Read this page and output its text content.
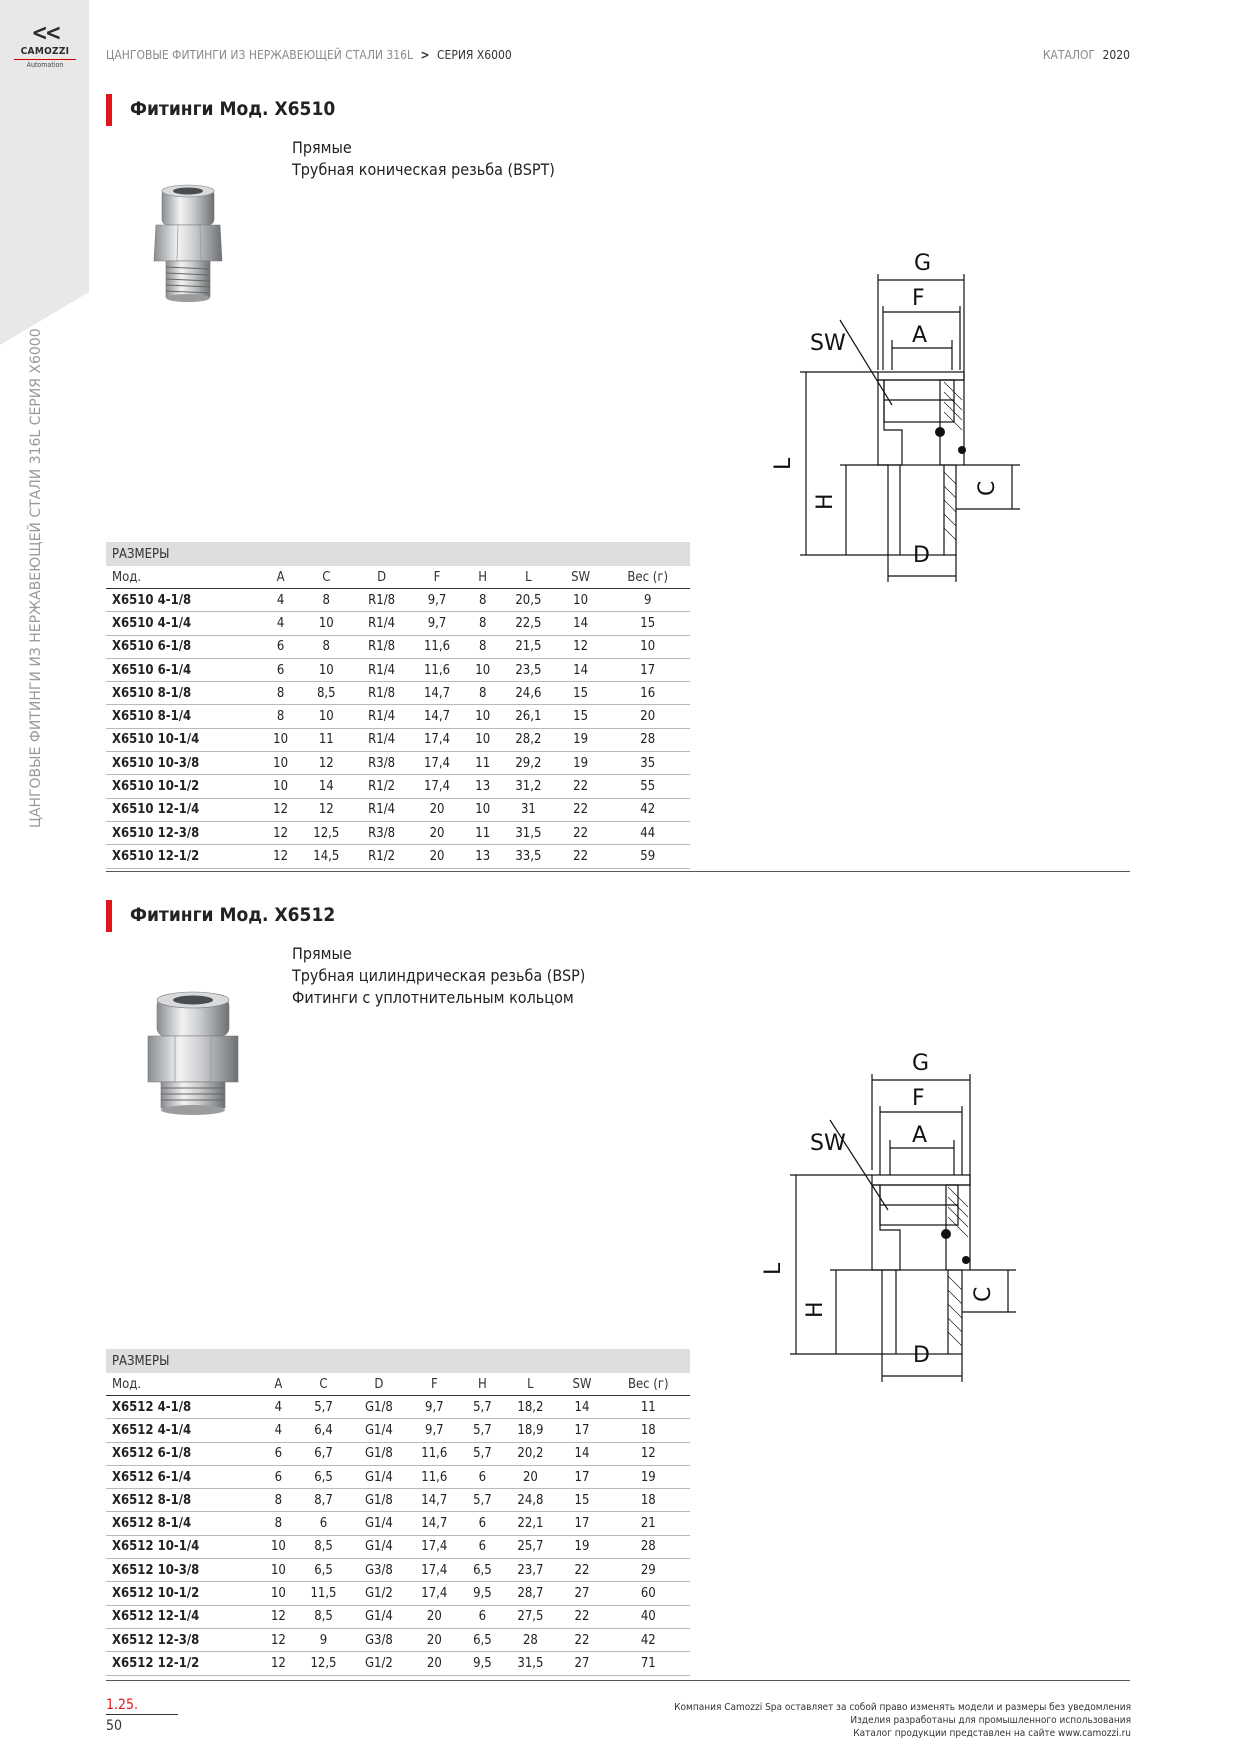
<<
CAMOZZI
Automation
ЦАНГОВЫЕ ФИТИНГИ ИЗ НЕРЖАВЕЮЩЕЙ СТАЛИ 316L СЕРИЯ X6000
ЦАНГОВЫЕ ФИТИНГИ ИЗ НЕРЖАВЕЮЩЕЙ СТАЛИ 316L > СЕРИЯ X6000	КАТАЛОГ 2020
Фитинги Мод. X6510
Прямые
Трубная коническая резьба (BSPT)
G
F
A
SW
L
H
C
D
РАЗМЕРЫ								
Мод.	A	C	D	F	H	L	SW	Вес (г)
X6510 4-1/8	4	8	R1/8	9,7	8	20,5	10	9
X6510 4-1/4	4	10	R1/4	9,7	8	22,5	14	15
X6510 6-1/8	6	8	R1/8	11,6	8	21,5	12	10
X6510 6-1/4	6	10	R1/4	11,6	10	23,5	14	17
X6510 8-1/8	8	8,5	R1/8	14,7	8	24,6	15	16
X6510 8-1/4	8	10	R1/4	14,7	10	26,1	15	20
X6510 10-1/4	10	11	R1/4	17,4	10	28,2	19	28
X6510 10-3/8	10	12	R3/8	17,4	11	29,2	19	35
X6510 10-1/2	10	14	R1/2	17,4	13	31,2	22	55
X6510 12-1/4	12	12	R1/4	20	10	31	22	42
X6510 12-3/8	12	12,5	R3/8	20	11	31,5	22	44
X6510 12-1/2	12	14,5	R1/2	20	13	33,5	22	59
Фитинги Мод. X6512
Прямые
Трубная цилиндрическая резьба (BSP)
Фитинги с уплотнительным кольцом
G
F
A
SW
L
H
C
D
РАЗМЕРЫ								
Мод.	A	C	D	F	H	L	SW	Вес (г)
X6512 4-1/8	4	5,7	G1/8	9,7	5,7	18,2	14	11
X6512 4-1/4	4	6,4	G1/4	9,7	5,7	18,9	17	18
X6512 6-1/8	6	6,7	G1/8	11,6	5,7	20,2	14	12
X6512 6-1/4	6	6,5	G1/4	11,6	6	20	17	19
X6512 8-1/8	8	8,7	G1/8	14,7	5,7	24,8	15	18
X6512 8-1/4	8	6	G1/4	14,7	6	22,1	17	21
X6512 10-1/4	10	8,5	G1/4	17,4	6	25,7	19	28
X6512 10-3/8	10	6,5	G3/8	17,4	6,5	23,7	22	29
X6512 10-1/2	10	11,5	G1/2	17,4	9,5	28,7	27	60
X6512 12-1/4	12	8,5	G1/4	20	6	27,5	22	40
X6512 12-3/8	12	9	G3/8	20	6,5	28	22	42
X6512 12-1/2	12	12,5	G1/2	20	9,5	31,5	27	71
1.25.
50
Компания Camozzi Spa оставляет за собой право изменять модели и размеры без уведомления
Изделия разработаны для промышленного использования
Каталог продукции представлен на сайте www.camozzi.ru
